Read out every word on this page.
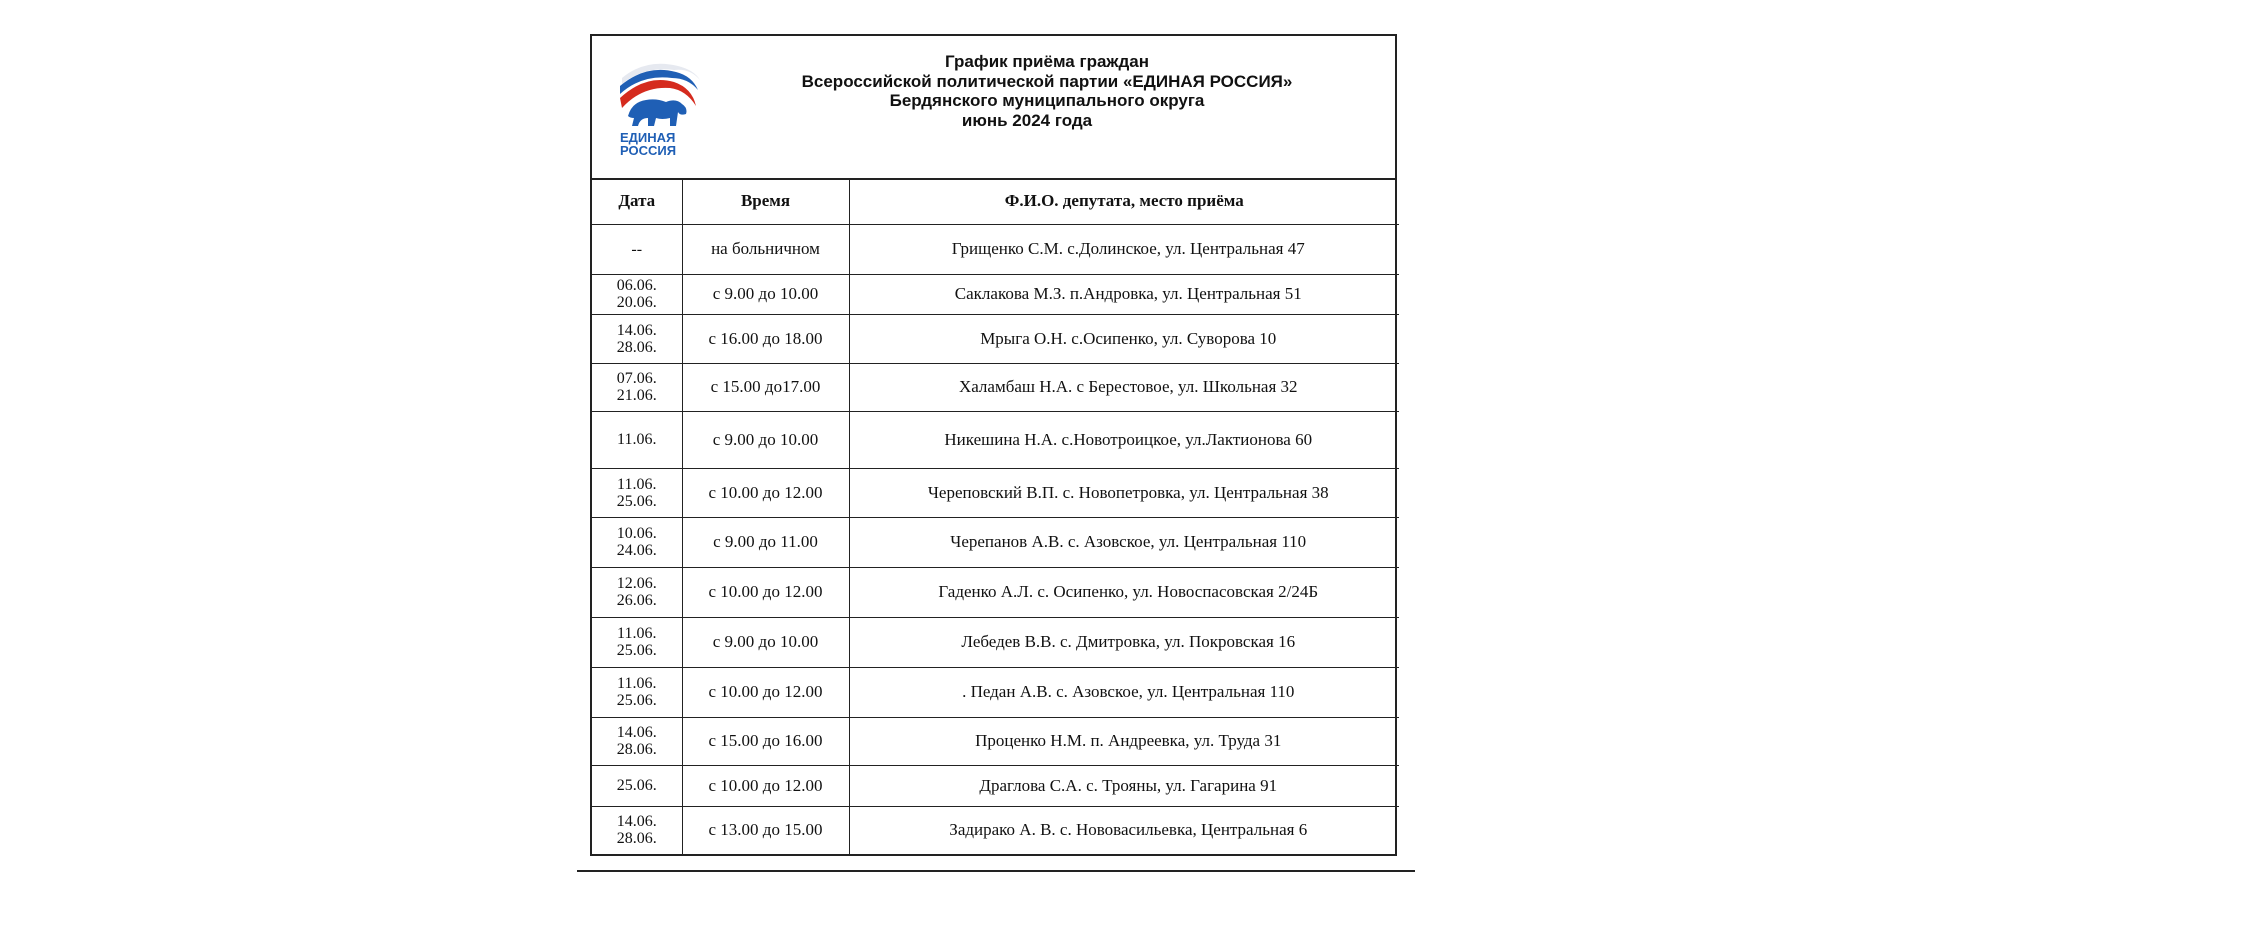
ЕДИНАЯ
РОССИЯ
График приёма граждан
Всероссийской политической партии «ЕДИНАЯ РОССИЯ»
Бердянского муниципального округа
июнь 2024 года
Дата	Время	Ф.И.О. депутата, место приёма

--	на больничном	Грищенко С.М. с.Долинское, ул. Центральная 47

06.06.
20.06.	с 9.00 до 10.00	Саклакова М.З. п.Андровка, ул. Центральная 51

14.06.
28.06.	с 16.00 до 18.00	Мрыга О.Н. с.Осипенко, ул. Суворова 10

07.06.
21.06.	с 15.00 до17.00	Халамбаш Н.А. с Берестовое, ул. Школьная 32

11.06.	с 9.00 до 10.00	Никешина Н.А. с.Новотроицкое, ул.Лактионова 60

11.06.
25.06.	с 10.00 до 12.00	Череповский В.П. с. Новопетровка, ул. Центральная 38

10.06.
24.06.	с 9.00 до 11.00	Черепанов А.В. с. Азовское, ул. Центральная 110

12.06.
26.06.	с 10.00 до 12.00	Гаденко А.Л. с. Осипенко, ул. Новоспасовская 2/24Б

11.06.
25.06.	с 9.00 до 10.00	Лебедев В.В. с. Дмитровка, ул. Покровская 16

11.06.
25.06.	с 10.00 до 12.00	. Педан А.В. с. Азовское, ул. Центральная 110

14.06.
28.06.	с 15.00 до 16.00	Проценко Н.М. п. Андреевка, ул. Труда 31

25.06.	с 10.00 до 12.00	Драглова С.А. с. Трояны, ул. Гагарина 91

14.06.
28.06.	с 13.00 до 15.00	Задирако А. В. с. Нововасильевка, Центральная 6
